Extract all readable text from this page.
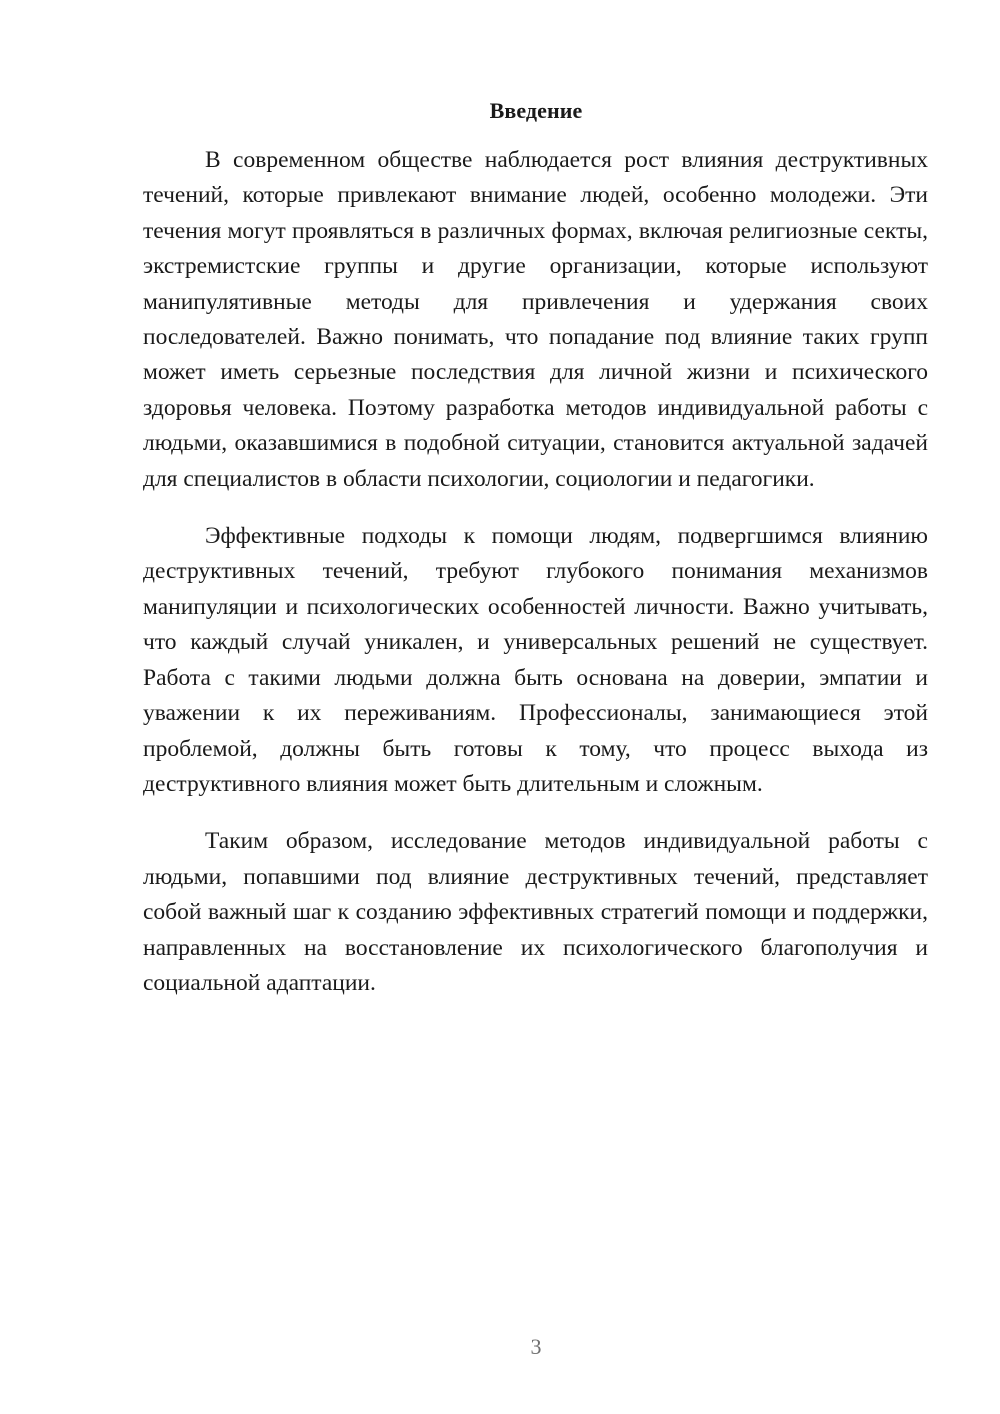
Введение

В современном обществе наблюдается рост влияния деструктивных течений, которые привлекают внимание людей, особенно молодежи. Эти течения могут проявляться в различных формах, включая религиозные секты, экстремистские группы и другие организации, которые используют манипулятивные методы для привлечения и удержания своих последователей. Важно понимать, что попадание под влияние таких групп может иметь серьезные последствия для личной жизни и психического здоровья человека. Поэтому разработка методов индивидуальной работы с людьми, оказавшимися в подобной ситуации, становится актуальной задачей для специалистов в области психологии, социологии и педагогики.

Эффективные подходы к помощи людям, подвергшимся влиянию деструктивных течений, требуют глубокого понимания механизмов манипуляции и психологических особенностей личности. Важно учитывать, что каждый случай уникален, и универсальных решений не существует. Работа с такими людьми должна быть основана на доверии, эмпатии и уважении к их переживаниям. Профессионалы, занимающиеся этой проблемой, должны быть готовы к тому, что процесс выхода из деструктивного влияния может быть длительным и сложным.

Таким образом, исследование методов индивидуальной работы с людьми, попавшими под влияние деструктивных течений, представляет собой важный шаг к созданию эффективных стратегий помощи и поддержки, направленных на восстановление их психологического благополучия и социальной адаптации.

3
